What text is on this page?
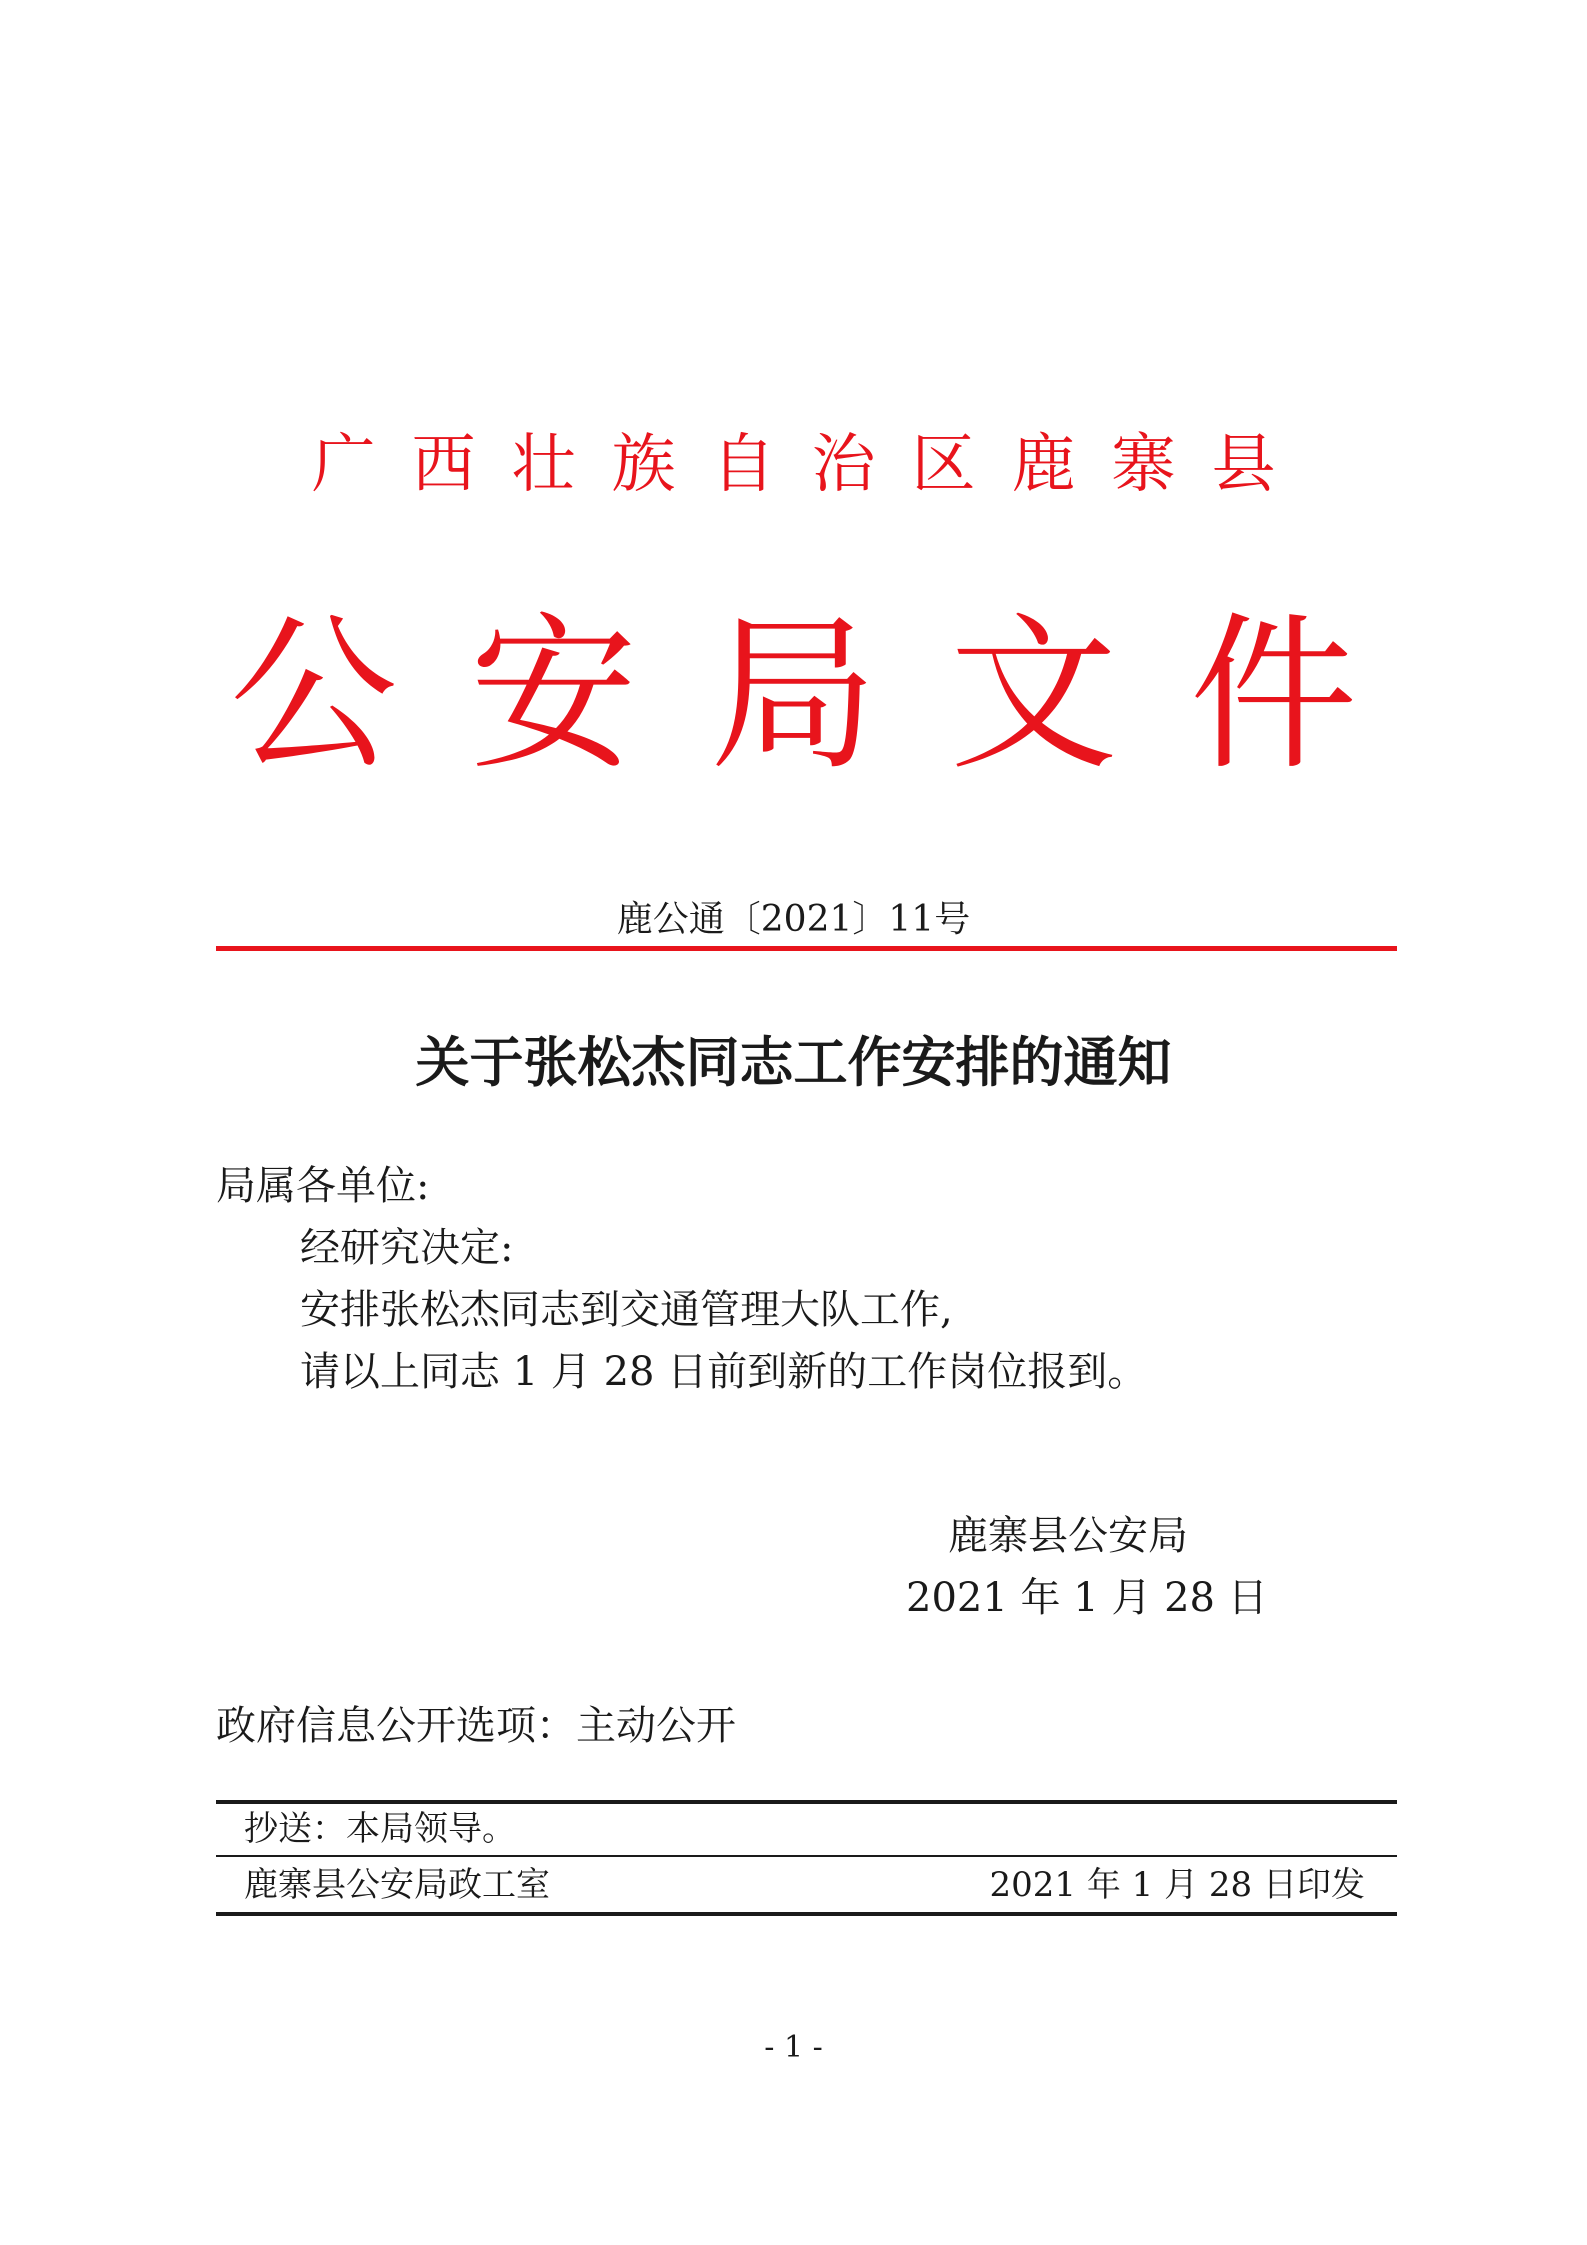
广西壮族自治区鹿寨县
公安局文件
鹿公通〔2021〕11号
关于张松杰同志工作安排的通知
局属各单位:
经研究决定:
安排张松杰同志到交通管理大队工作,
请以上同志 1 月 28 日前到新的工作岗位报到。
鹿寨县公安局
2021 年 1 月 28 日
政府信息公开选项：主动公开
抄送：本局领导。
鹿寨县公安局政工室	2021 年 1 月 28 日印发
- 1 -
